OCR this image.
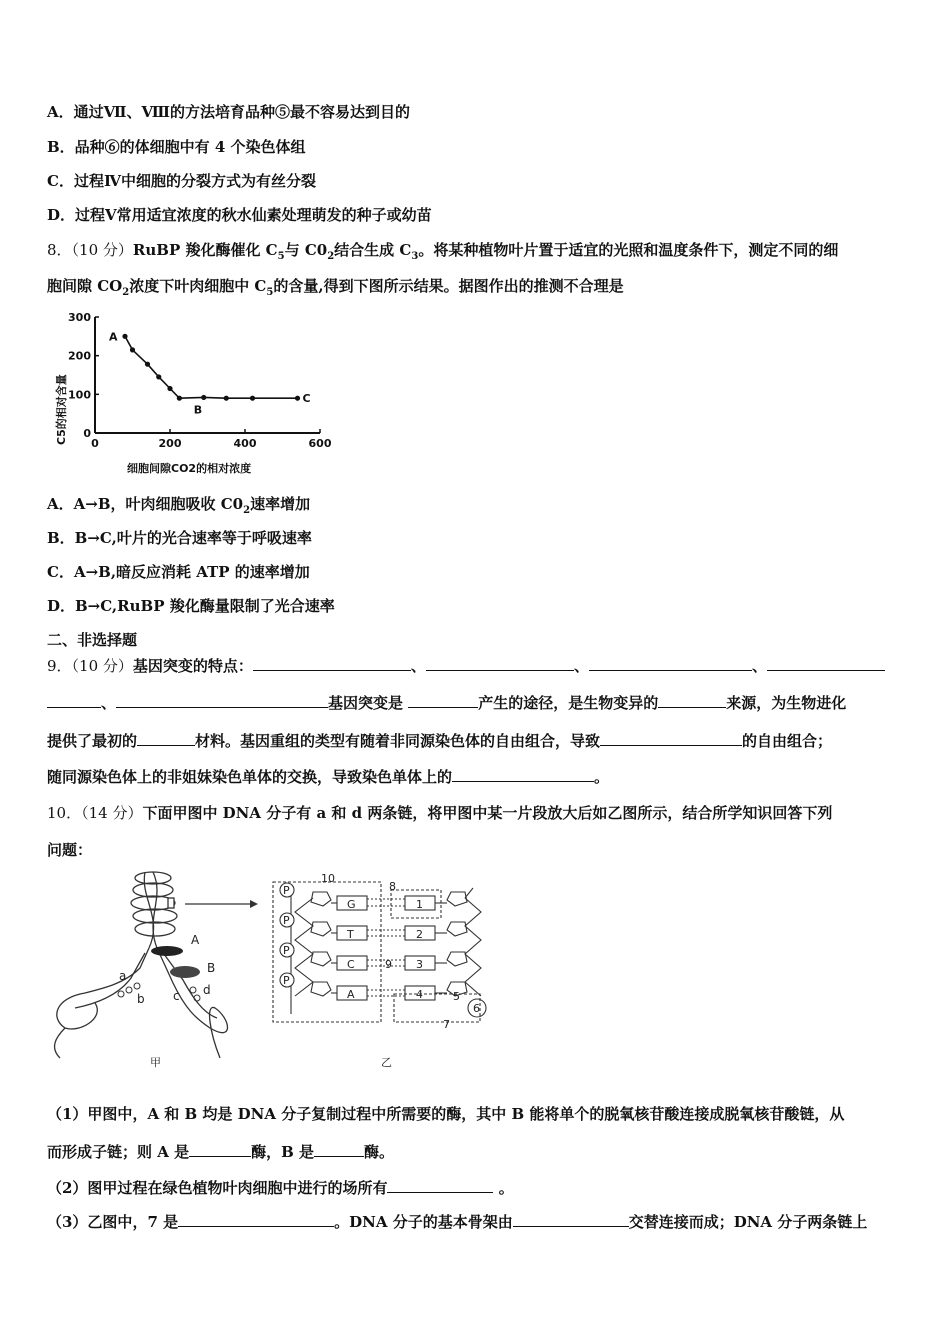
A．通过Ⅶ、Ⅷ的方法培育品种⑤最不容易达到目的
B．品种⑥的体细胞中有 4 个染色体组
C．过程Ⅳ中细胞的分裂方式为有丝分裂
D．过程Ⅴ常用适宜浓度的秋水仙素处理萌发的种子或幼苗
8．（10 分）RuBP 羧化酶催化 $C_5$与 $C0_2$结合生成 $C_3$。将某种植物叶片置于适宜的光照和温度条件下，测定不同的细
胞间隙 $CO_2$浓度下叶肉细胞中 $C_5$的含量,得到下图所示结果。据图作出的推测不合理是
0	200	400	600
0
100
200
300
A
B
C
C5的相对含量
细胞间隙CO2的相对浓度
A．A→B，叶肉细胞吸收 $C0_2$速率增加
B．B→C,叶片的光合速率等于呼吸速率
C．A→B,暗反应消耗 ATP 的速率增加
D．B→C,RuBP 羧化酶量限制了光合速率
二、非选择题
9．（10 分）基因突变的特点：	、	、	、
、	基因突变是	产生的途径，是生物变异的	来源，为生物进化
提供了最初的	材料。基因重组的类型有随着非同源染色体的自由组合，导致	的自由组合；
随同源染色体上的非姐妹染色单体的交换，导致染色单体上的	。
10．（14 分）下面甲图中 DNA 分子有 a 和 d 两条链，将甲图中某一片段放大后如乙图所示，结合所学知识回答下列
问题：
A
B
a
b c d
甲
P
P
P
P
G
T
C
A
1
2
3
4	5
6
7
8
9
10
乙
（1）甲图中，A 和 B 均是 DNA 分子复制过程中所需要的酶，其中 B 能将单个的脱氧核苷酸连接成脱氧核苷酸链，从
而形成子链；则 A 是	酶，B 是	酶。
（2）图甲过程在绿色植物叶肉细胞中进行的场所有	。
（3）乙图中，7 是	。DNA 分子的基本骨架由	交替连接而成；DNA 分子两条链上
